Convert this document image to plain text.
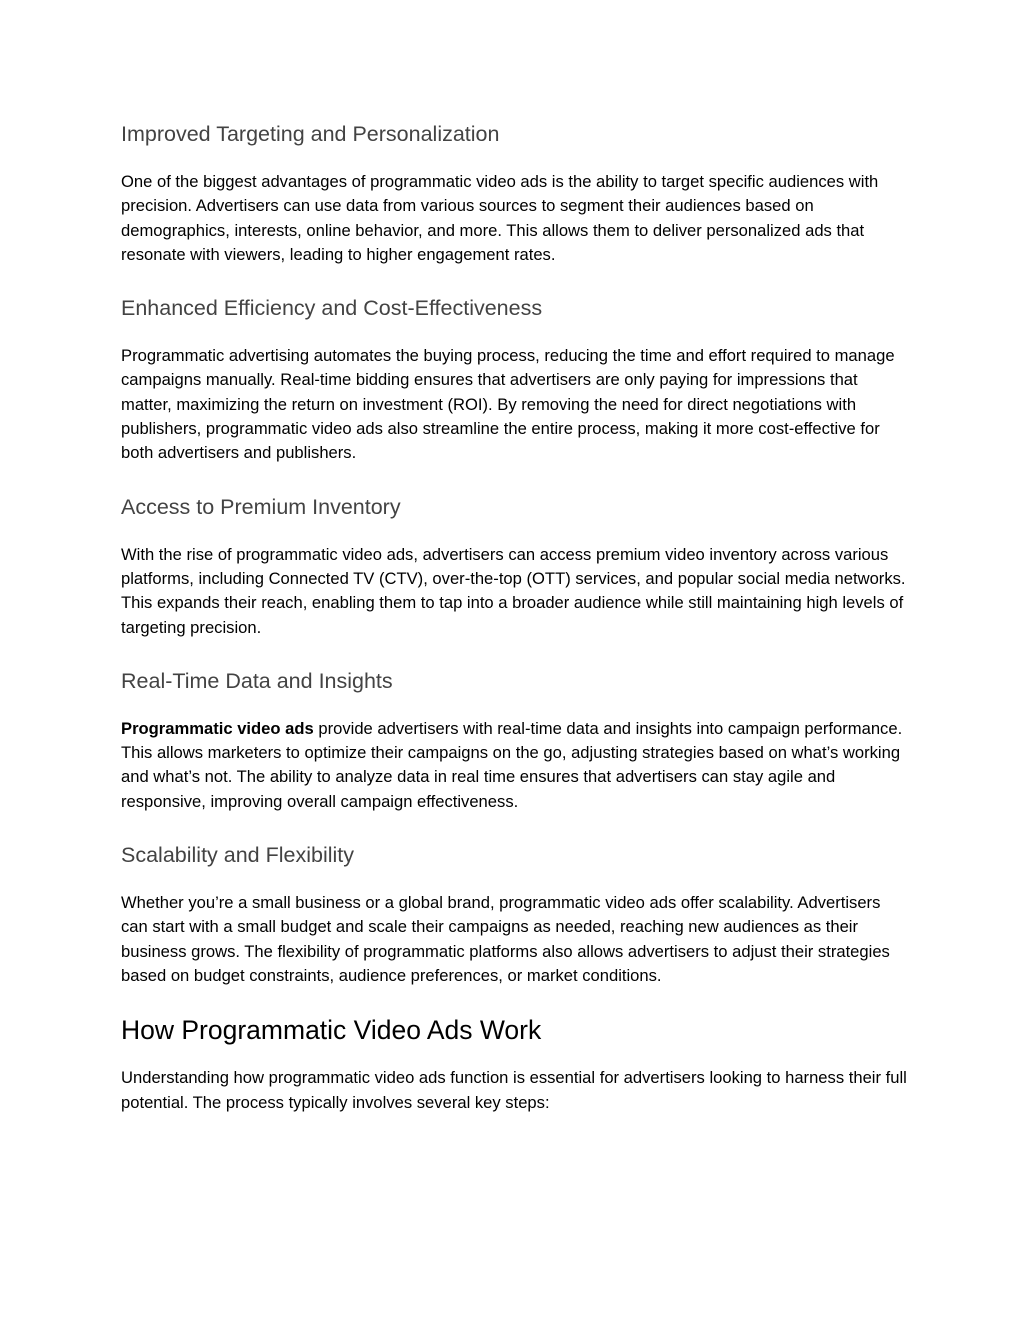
Improved Targeting and Personalization

One of the biggest advantages of programmatic video ads is the ability to target specific audiences with precision. Advertisers can use data from various sources to segment their audiences based on demographics, interests, online behavior, and more. This allows them to deliver personalized ads that resonate with viewers, leading to higher engagement rates.

Enhanced Efficiency and Cost-Effectiveness

Programmatic advertising automates the buying process, reducing the time and effort required to manage campaigns manually. Real-time bidding ensures that advertisers are only paying for impressions that matter, maximizing the return on investment (ROI). By removing the need for direct negotiations with publishers, programmatic video ads also streamline the entire process, making it more cost-effective for both advertisers and publishers.

Access to Premium Inventory

With the rise of programmatic video ads, advertisers can access premium video inventory across various platforms, including Connected TV (CTV), over-the-top (OTT) services, and popular social media networks. This expands their reach, enabling them to tap into a broader audience while still maintaining high levels of targeting precision.

Real-Time Data and Insights

Programmatic video ads provide advertisers with real-time data and insights into campaign performance. This allows marketers to optimize their campaigns on the go, adjusting strategies based on what’s working and what’s not. The ability to analyze data in real time ensures that advertisers can stay agile and responsive, improving overall campaign effectiveness.

Scalability and Flexibility

Whether you’re a small business or a global brand, programmatic video ads offer scalability. Advertisers can start with a small budget and scale their campaigns as needed, reaching new audiences as their business grows. The flexibility of programmatic platforms also allows advertisers to adjust their strategies based on budget constraints, audience preferences, or market conditions.

How Programmatic Video Ads Work

Understanding how programmatic video ads function is essential for advertisers looking to harness their full potential. The process typically involves several key steps:
